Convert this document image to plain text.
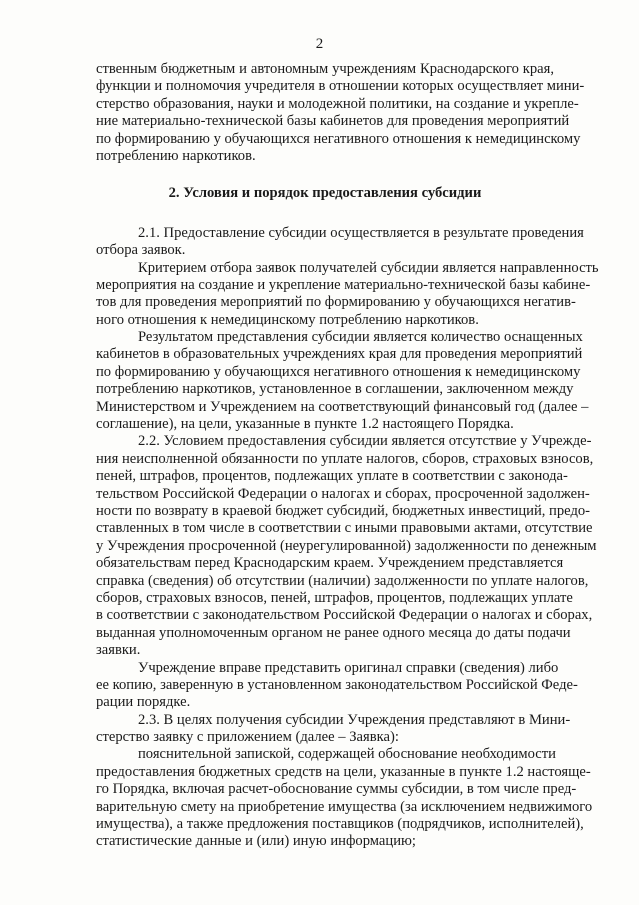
2
ственным бюджетным и автономным учреждениям Краснодарского края,
функции и полномочия учредителя в отношении которых осуществляет мини-
стерство образования, науки и молодежной политики, на создание и укрепле-
ние материально-технической базы кабинетов для проведения мероприятий
по формированию у обучающихся негативного отношения к немедицинскому
потреблению наркотиков.
2. Условия и порядок предоставления субсидии
2.1. Предоставление субсидии осуществляется в результате проведения
отбора заявок.
Критерием отбора заявок получателей субсидии является направленность
мероприятия на создание и укрепление материально-технической базы кабине-
тов для проведения мероприятий по формированию у обучающихся негатив-
ного отношения к немедицинскому потреблению наркотиков.
Результатом представления субсидии является количество оснащенных
кабинетов в образовательных учреждениях края для проведения мероприятий
по формированию у обучающихся негативного отношения к немедицинскому
потреблению наркотиков, установленное в соглашении, заключенном между
Министерством и Учреждением на соответствующий финансовый год (далее –
соглашение), на цели, указанные в пункте 1.2 настоящего Порядка.
2.2. Условием предоставления субсидии является отсутствие у Учрежде-
ния неисполненной обязанности по уплате налогов, сборов, страховых взносов,
пеней, штрафов, процентов, подлежащих уплате в соответствии с законода-
тельством Российской Федерации о налогах и сборах, просроченной задолжен-
ности по возврату в краевой бюджет субсидий, бюджетных инвестиций, предо-
ставленных в том числе в соответствии с иными правовыми актами, отсутствие
у Учреждения просроченной (неурегулированной) задолженности по денежным
обязательствам перед Краснодарским краем. Учреждением представляется
справка (сведения) об отсутствии (наличии) задолженности по уплате налогов,
сборов, страховых взносов, пеней, штрафов, процентов, подлежащих уплате
в соответствии с законодательством Российской Федерации о налогах и сборах,
выданная уполномоченным органом не ранее одного месяца до даты подачи
заявки.
Учреждение вправе представить оригинал справки (сведения) либо
ее копию, заверенную в установленном законодательством Российской Феде-
рации порядке.
2.3. В целях получения субсидии Учреждения представляют в Мини-
стерство заявку с приложением (далее – Заявка):
пояснительной запиской, содержащей обоснование необходимости
предоставления бюджетных средств на цели, указанные в пункте 1.2 настояще-
го Порядка, включая расчет-обоснование суммы субсидии, в том числе пред-
варительную смету на приобретение имущества (за исключением недвижимого
имущества), а также предложения поставщиков (подрядчиков, исполнителей),
статистические данные и (или) иную информацию;
